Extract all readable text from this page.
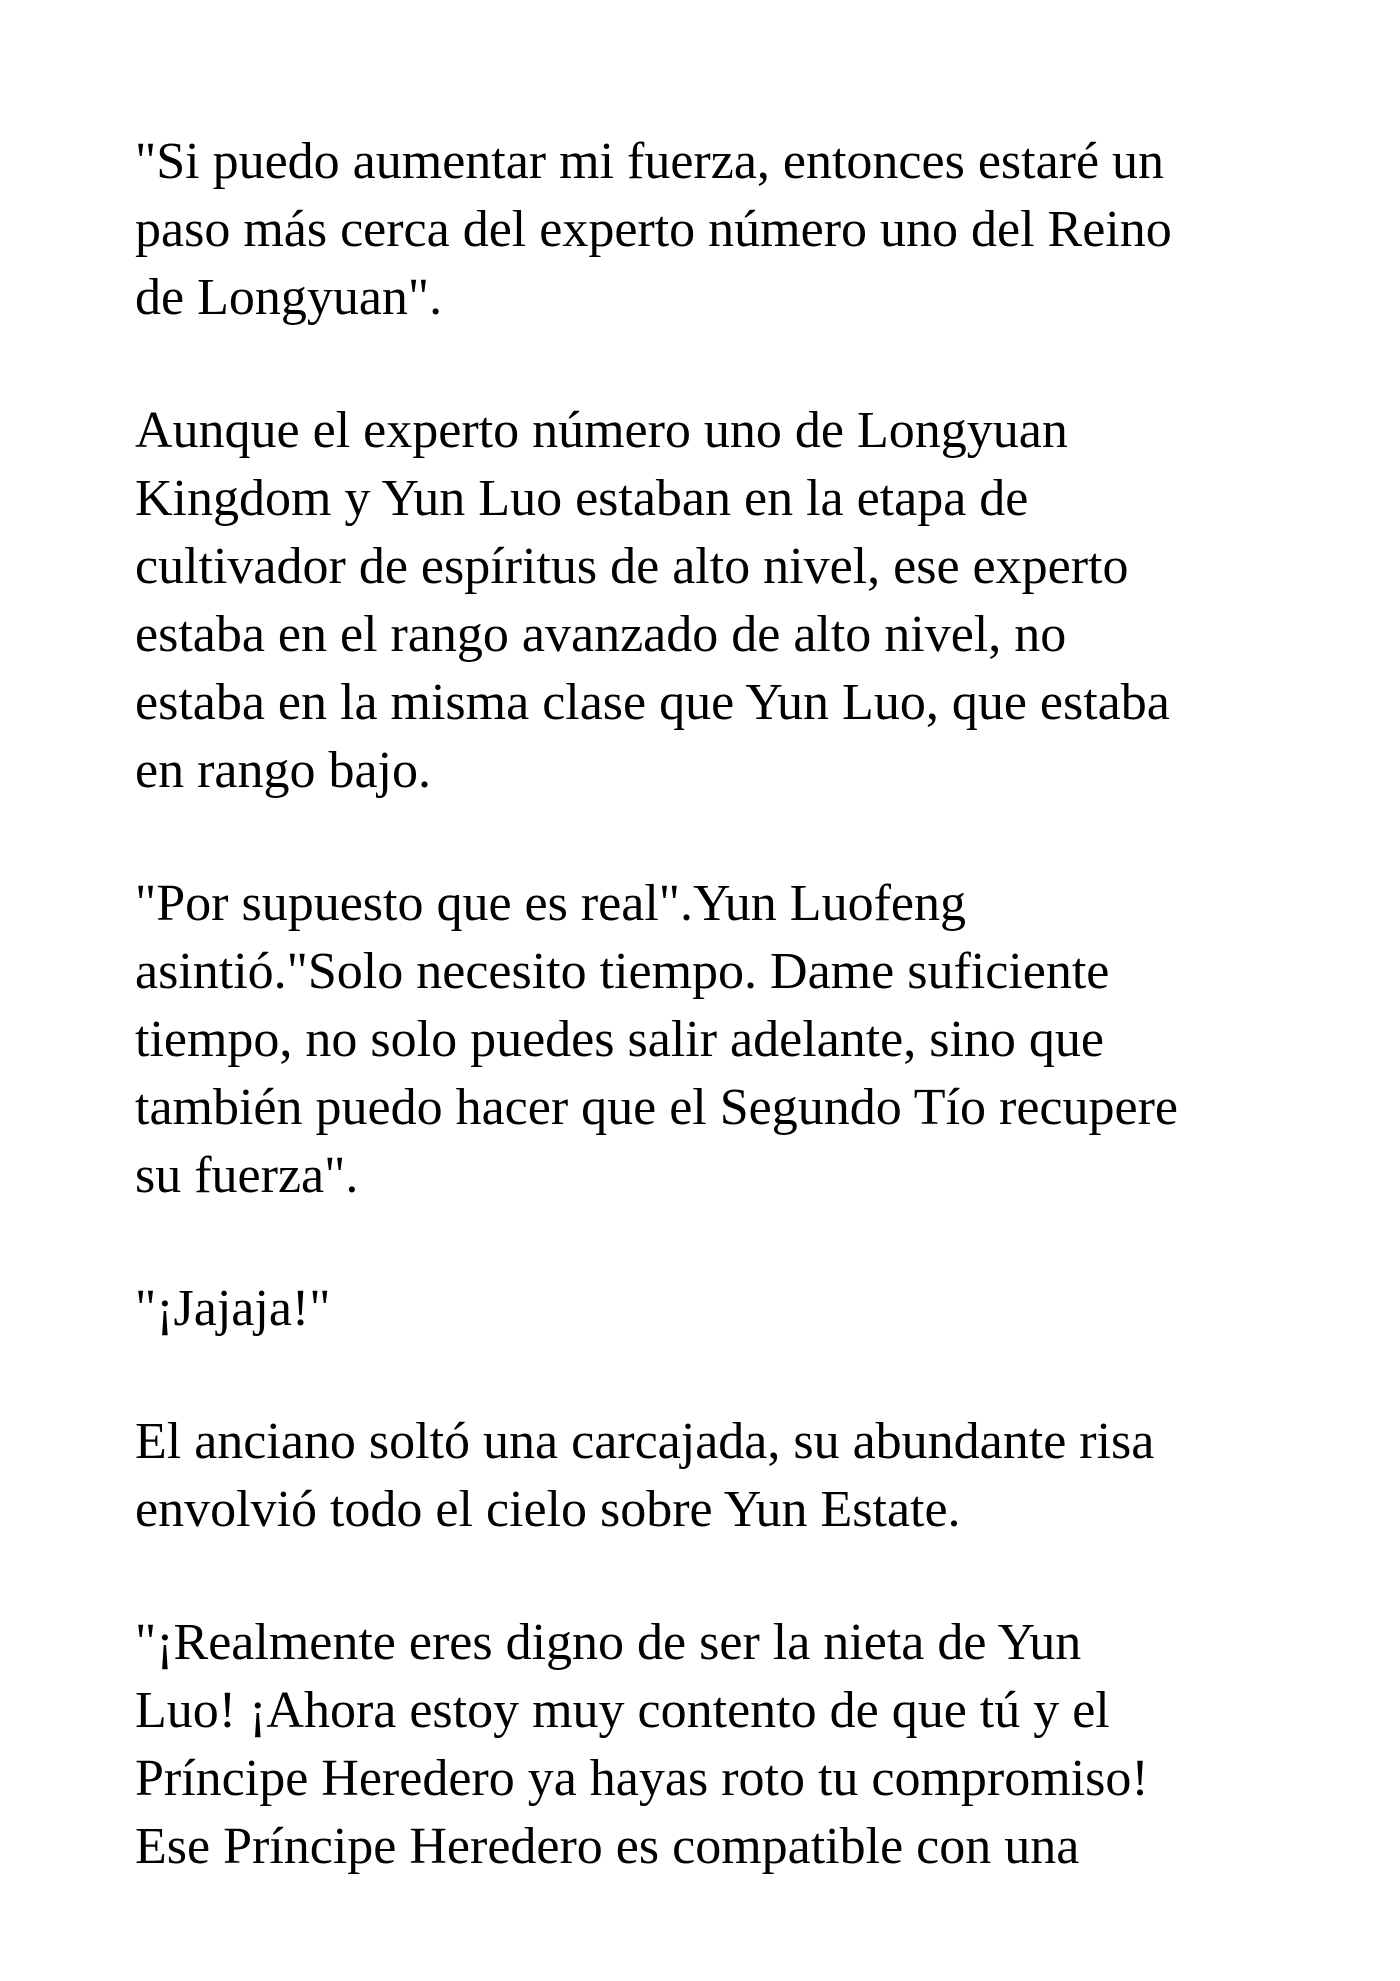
"Si puedo aumentar mi fuerza, entonces estaré un
paso más cerca del experto número uno del Reino
de Longyuan".

Aunque el experto número uno de Longyuan
Kingdom y Yun Luo estaban en la etapa de
cultivador de espíritus de alto nivel, ese experto
estaba en el rango avanzado de alto nivel, no
estaba en la misma clase que Yun Luo, que estaba
en rango bajo.

"Por supuesto que es real".Yun Luofeng
asintió."Solo necesito tiempo. Dame suficiente
tiempo, no solo puedes salir adelante, sino que
también puedo hacer que el Segundo Tío recupere
su fuerza".

"¡Jajaja!"

El anciano soltó una carcajada, su abundante risa
envolvió todo el cielo sobre Yun Estate.

"¡Realmente eres digno de ser la nieta de Yun
Luo! ¡Ahora estoy muy contento de que tú y el
Príncipe Heredero ya hayas roto tu compromiso!
Ese Príncipe Heredero es compatible con una
